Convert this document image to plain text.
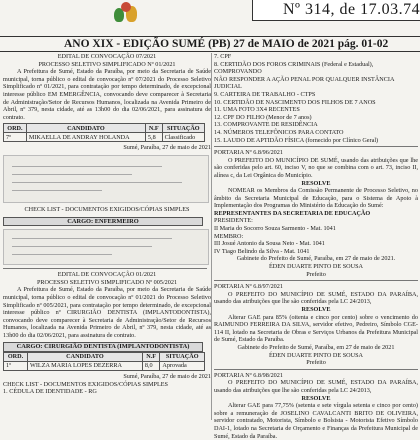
Nº 314, de 17.03.74
ANO XIX - EDIÇÃO SUMÉ (PB) 27 de MAIO de 2021 pág. 01-02

EDITAL DE CONVOCAÇÃO 07/2021

PROCESSO SELETIVO SIMPLIFICADO Nº 01/2021

A Prefeitura de Sumé, Estado da Paraíba, por meio da Secretaria de Saúde municipal, torna público o edital de convocação nº 07/2021 do Processo Seletivo Simplificado nº 01/2021, para contratação por tempo determinado, de excepcional interesse público EM EMERGÊNCIA, convocando deve comparecer à Secretaria de Administração/Setor de Recursos Humanos, localizada na Avenida Primeiro de Abril, nº 379, nesta cidade, até as 13h00 do dia 02/06/2021, para assinatura de contrato.

ORD.	CANDIDATO	N.F	SITUAÇÃO
7º	MIKAELLA DE ANDRAY HOLANDA	5,8	Classificado

Sumé, Paraíba, 27 de maio de 2021

CHECK LIST - DOCUMENTOS EXIGIDOS/CÓPIAS SIMPLES

CARGO: ENFERMEIRO

EDITAL DE CONVOCAÇÃO 01/2021

PROCESSO SELETIVO SIMPLIFICADO Nº 005/2021

A Prefeitura de Sumé, Estado da Paraíba, por meio da Secretaria de Saúde municipal, torna público o edital de convocação nº 01/2021 do Processo Seletivo Simplificado nº 005/2021, para contratação por tempo determinado, de excepcional interesse público nº CIRURGIÃO DENTISTA (IMPLANTODONTISTA), convocando deve comparecer à Secretaria de Administração/Setor de Recursos Humanos, localizada na Avenida Primeiro de Abril, nº 379, nesta cidade, até as 13h00 do dia 02/06/2021, para assinatura de contrato.

CARGO: CIRURGIÃO DENTISTA (IMPLANTODONTISTA)
ORD.	CANDIDATO	N.F	SITUAÇÃO
1º	WILZA MARIA LOPES DEZERRA	8,0	Aprovada

Sumé, Paraíba, 27 de maio de 2021

CHECK LIST - DOCUMENTOS EXIGIDOS/CÓPIAS SIMPLES

1. CÉDULA DE IDENTIDADE - RG

7. CPF

8. CERTIDÃO DOS FOROS CRIMINAIS (Federal e Estadual), COMPROVANDO

NÃO RESPONDER A AÇÃO PENAL POR QUALQUER INSTÂNCIA JUDICIAL

9. CARTEIRA DE TRABALHO - CTPS

10. CERTIDÃO DE NASCIMENTO DOS FILHOS DE 7 ANOS

11. UMA FOTO 3X4 RECENTES

12. CPF DO FILHO (Menor de 7 anos)

13. COMPROVANTE DE RESIDÊNCIA

14. NÚMEROS TELEFÔNICOS PARA CONTATO

15. LAUDO DE APTIDÃO FÍSICA (fornecido por Clínico Geral)

PORTARIA Nº 6.8/96/2021

O PREFEITO DO MUNICÍPIO DE SUMÉ, usando das atribuições que lhe são conferidas pelo art. 60, inciso V, no que se combina com o art. 73, inciso II, alínea c, da Lei Orgânica do Município.

RESOLVE

NOMEAR os Membros da Comissão Permanente de Processo Seletivo, no âmbito da Secretaria Municipal de Educação, para o Sistema de Apoio à Implementação dos Programas do Ministério da Educação do Sumé:

REPRESENTANTES DA SECRETARIA DE EDUCAÇÃO

PRESIDENTE:

II Maria do Socorro Souza Sarmento - Mat. 1041

MEMBRO:

III Josué Antonio da Sousa Neto - Mat. 1041

IV Tiago Belindo da Silva - Mat. 1041

Gabinete do Prefeito de Sumé, Paraíba, em 27 de maio de 2021.

ÉDEN DUARTE PINTO DE SOUSA

Prefeito

PORTARIA Nº 6.8/97/2021

O PREFEITO DO MUNICÍPIO DE SUMÉ, ESTADO DA PARAÍBA, usando das atribuições que lhe são conferidas pela LC 24/2013,

RESOLVE

Alterar GAE para 85% (oitenta e cinco por cento) sobre o vencimento do RAIMUNDO FERREIRA DA SILVA, servidor efetivo, Pedreiro, Símbolo CGE-114 II, lotado na Secretaria de Obras e Serviços Urbanos da Prefeitura Municipal de Sumé, Estado da Paraíba.

Gabinete do Prefeito de Sumé, Paraíba, em 27 de maio de 2021

ÉDEN DUARTE PINTO DE SOUSA

Prefeito

PORTARIA Nº 6.8/98/2021

O PREFEITO DO MUNICÍPIO DE SUMÉ, ESTADO DA PARAÍBA, usando das atribuições que lhe são conferidas pela LC 24/2013,

RESOLVE

Alterar GAE para 77,75% (setenta e sete vírgula setenta e cinco por cento) sobre a remuneração de JOSELINO CAVALCANTI BRITO DE OLIVEIRA, servidor contratado, Motorista, Símbolo e Bolsista - Motorista Efetivo Símbolo DAI-1, lotado na Secretaria de Orçamento e Finanças da Prefeitura Municipal de Sumé, Estado da Paraíba.
